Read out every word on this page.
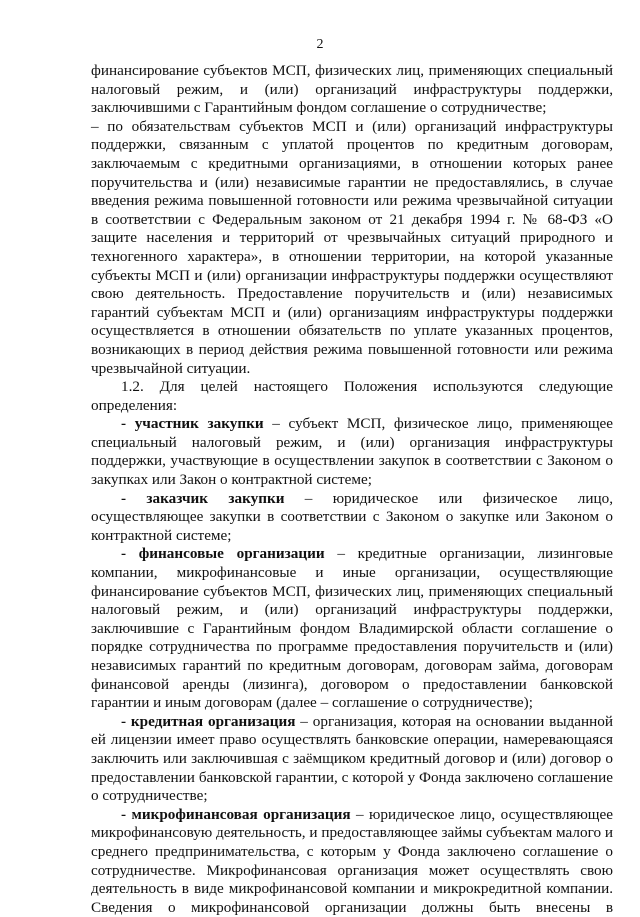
2

финансирование субъектов МСП, физических лиц, применяющих специальный налоговый режим, и (или) организаций инфраструктуры поддержки, заключившими с Гарантийным фондом соглашение о сотрудничестве;

– по обязательствам субъектов МСП и (или) организаций инфраструктуры поддержки, связанным с уплатой процентов по кредитным договорам, заключаемым с кредитными организациями, в отношении которых ранее поручительства и (или) независимые гарантии не предоставлялись, в случае введения режима повышенной готовности или режима чрезвычайной ситуации в соответствии с Федеральным законом от 21 декабря 1994 г. № 68-ФЗ «О защите населения и территорий от чрезвычайных ситуаций природного и техногенного характера», в отношении территории, на которой указанные субъекты МСП и (или) организации инфраструктуры поддержки осуществляют свою деятельность. Предоставление поручительств и (или) независимых гарантий субъектам МСП и (или) организациям инфраструктуры поддержки осуществляется в отношении обязательств по уплате указанных процентов, возникающих в период действия режима повышенной готовности или режима чрезвычайной ситуации.

1.2. Для целей настоящего Положения используются следующие определения:

- участник закупки – субъект МСП, физическое лицо, применяющее специальный налоговый режим, и (или) организация инфраструктуры поддержки, участвующие в осуществлении закупок в соответствии с Законом о закупках или Закон о контрактной системе;

- заказчик закупки – юридическое или физическое лицо, осуществляющее закупки в соответствии с Законом о закупке или Законом о контрактной системе;

- финансовые организации – кредитные организации, лизинговые компании, микрофинансовые и иные организации, осуществляющие финансирование субъектов МСП, физических лиц, применяющих специальный налоговый режим, и (или) организаций инфраструктуры поддержки, заключившие с Гарантийным фондом Владимирской области соглашение о порядке сотрудничества по программе предоставления поручительств и (или) независимых гарантий по кредитным договорам, договорам займа, договорам финансовой аренды (лизинга), договором о предоставлении банковской гарантии и иным договорам (далее – соглашение о сотрудничестве);

- кредитная организация – организация, которая на основании выданной ей лицензии имеет право осуществлять банковские операции, намеревающаяся заключить или заключившая с заёмщиком кредитный договор и (или) договор о предоставлении банковской гарантии, с которой у Фонда заключено соглашение о сотрудничестве;

- микрофинансовая организация – юридическое лицо, осуществляющее микрофинансовую деятельность, и предоставляющее займы субъектам малого и среднего предпринимательства, с которым у Фонда заключено соглашение о сотрудничестве. Микрофинансовая организация может осуществлять свою деятельность в виде микрофинансовой компании и микрокредитной компании. Сведения о микрофинансовой организации должны быть внесены в
